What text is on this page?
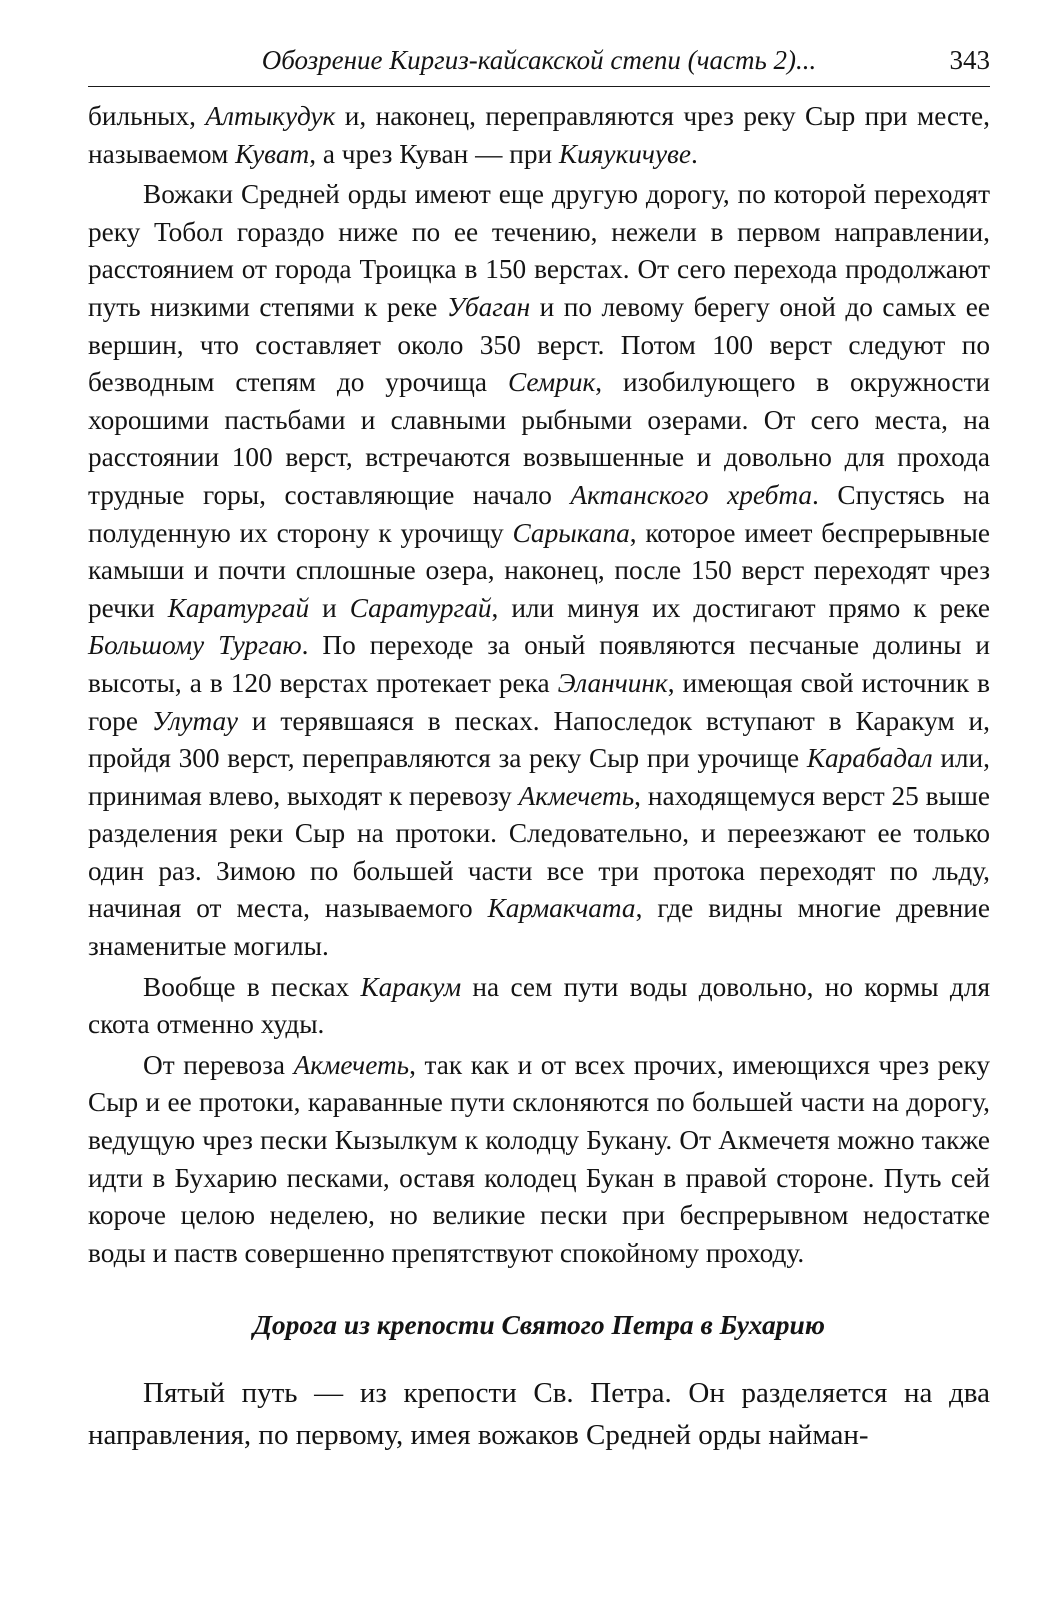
Обозрение Киргиз-кайсакской степи (часть 2)...	343

бильных, Алтыкудук и, наконец, переправляются чрез реку Сыр при месте, называемом Куват, а чрез Куван — при Кияукичуве.

Вожаки Средней орды имеют еще другую дорогу, по которой переходят реку Тобол гораздо ниже по ее течению, нежели в первом направлении, расстоянием от города Троицка в 150 верстах. От сего перехода продолжают путь низкими степями к реке Убаган и по левому берегу оной до самых ее вершин, что составляет около 350 верст. Потом 100 верст следуют по безводным степям до урочища Семрик, изобилующего в окружности хорошими пастьбами и славными рыбными озерами. От сего места, на расстоянии 100 верст, встречаются возвышенные и довольно для прохода трудные горы, составляющие начало Актанского хребта. Спустясь на полуденную их сторону к урочищу Сарыкапа, которое имеет беспрерывные камыши и почти сплошные озера, наконец, после 150 верст переходят чрез речки Каратургай и Саратургай, или минуя их достигают прямо к реке Большому Тургаю. По переходе за оный появляются песчаные долины и высоты, а в 120 верстах протекает река Эланчинк, имеющая свой источник в горе Улутау и терявшаяся в песках. Напоследок вступают в Каракум и, пройдя 300 верст, переправляются за реку Сыр при урочище Карабадал или, принимая влево, выходят к перевозу Акмечеть, находящемуся верст 25 выше разделения реки Сыр на протоки. Следовательно, и переезжают ее только один раз. Зимою по большей части все три протока переходят по льду, начиная от места, называемого Кармакчата, где видны многие древние знаменитые могилы.

Вообще в песках Каракум на сем пути воды довольно, но кормы для скота отменно худы.

От перевоза Акмечеть, так как и от всех прочих, имеющихся чрез реку Сыр и ее протоки, караванные пути склоняются по большей части на дорогу, ведущую чрез пески Кызылкум к колодцу Букану. От Акмечетя можно также идти в Бухарию песками, оставя колодец Букан в правой стороне. Путь сей короче целою неделею, но великие пески при беспрерывном недостатке воды и паств совершенно препятствуют спокойному проходу.

Дорога из крепости Святого Петра в Бухарию

Пятый путь — из крепости Св. Петра. Он разделяется на два направления, по первому, имея вожаков Средней орды найман-
